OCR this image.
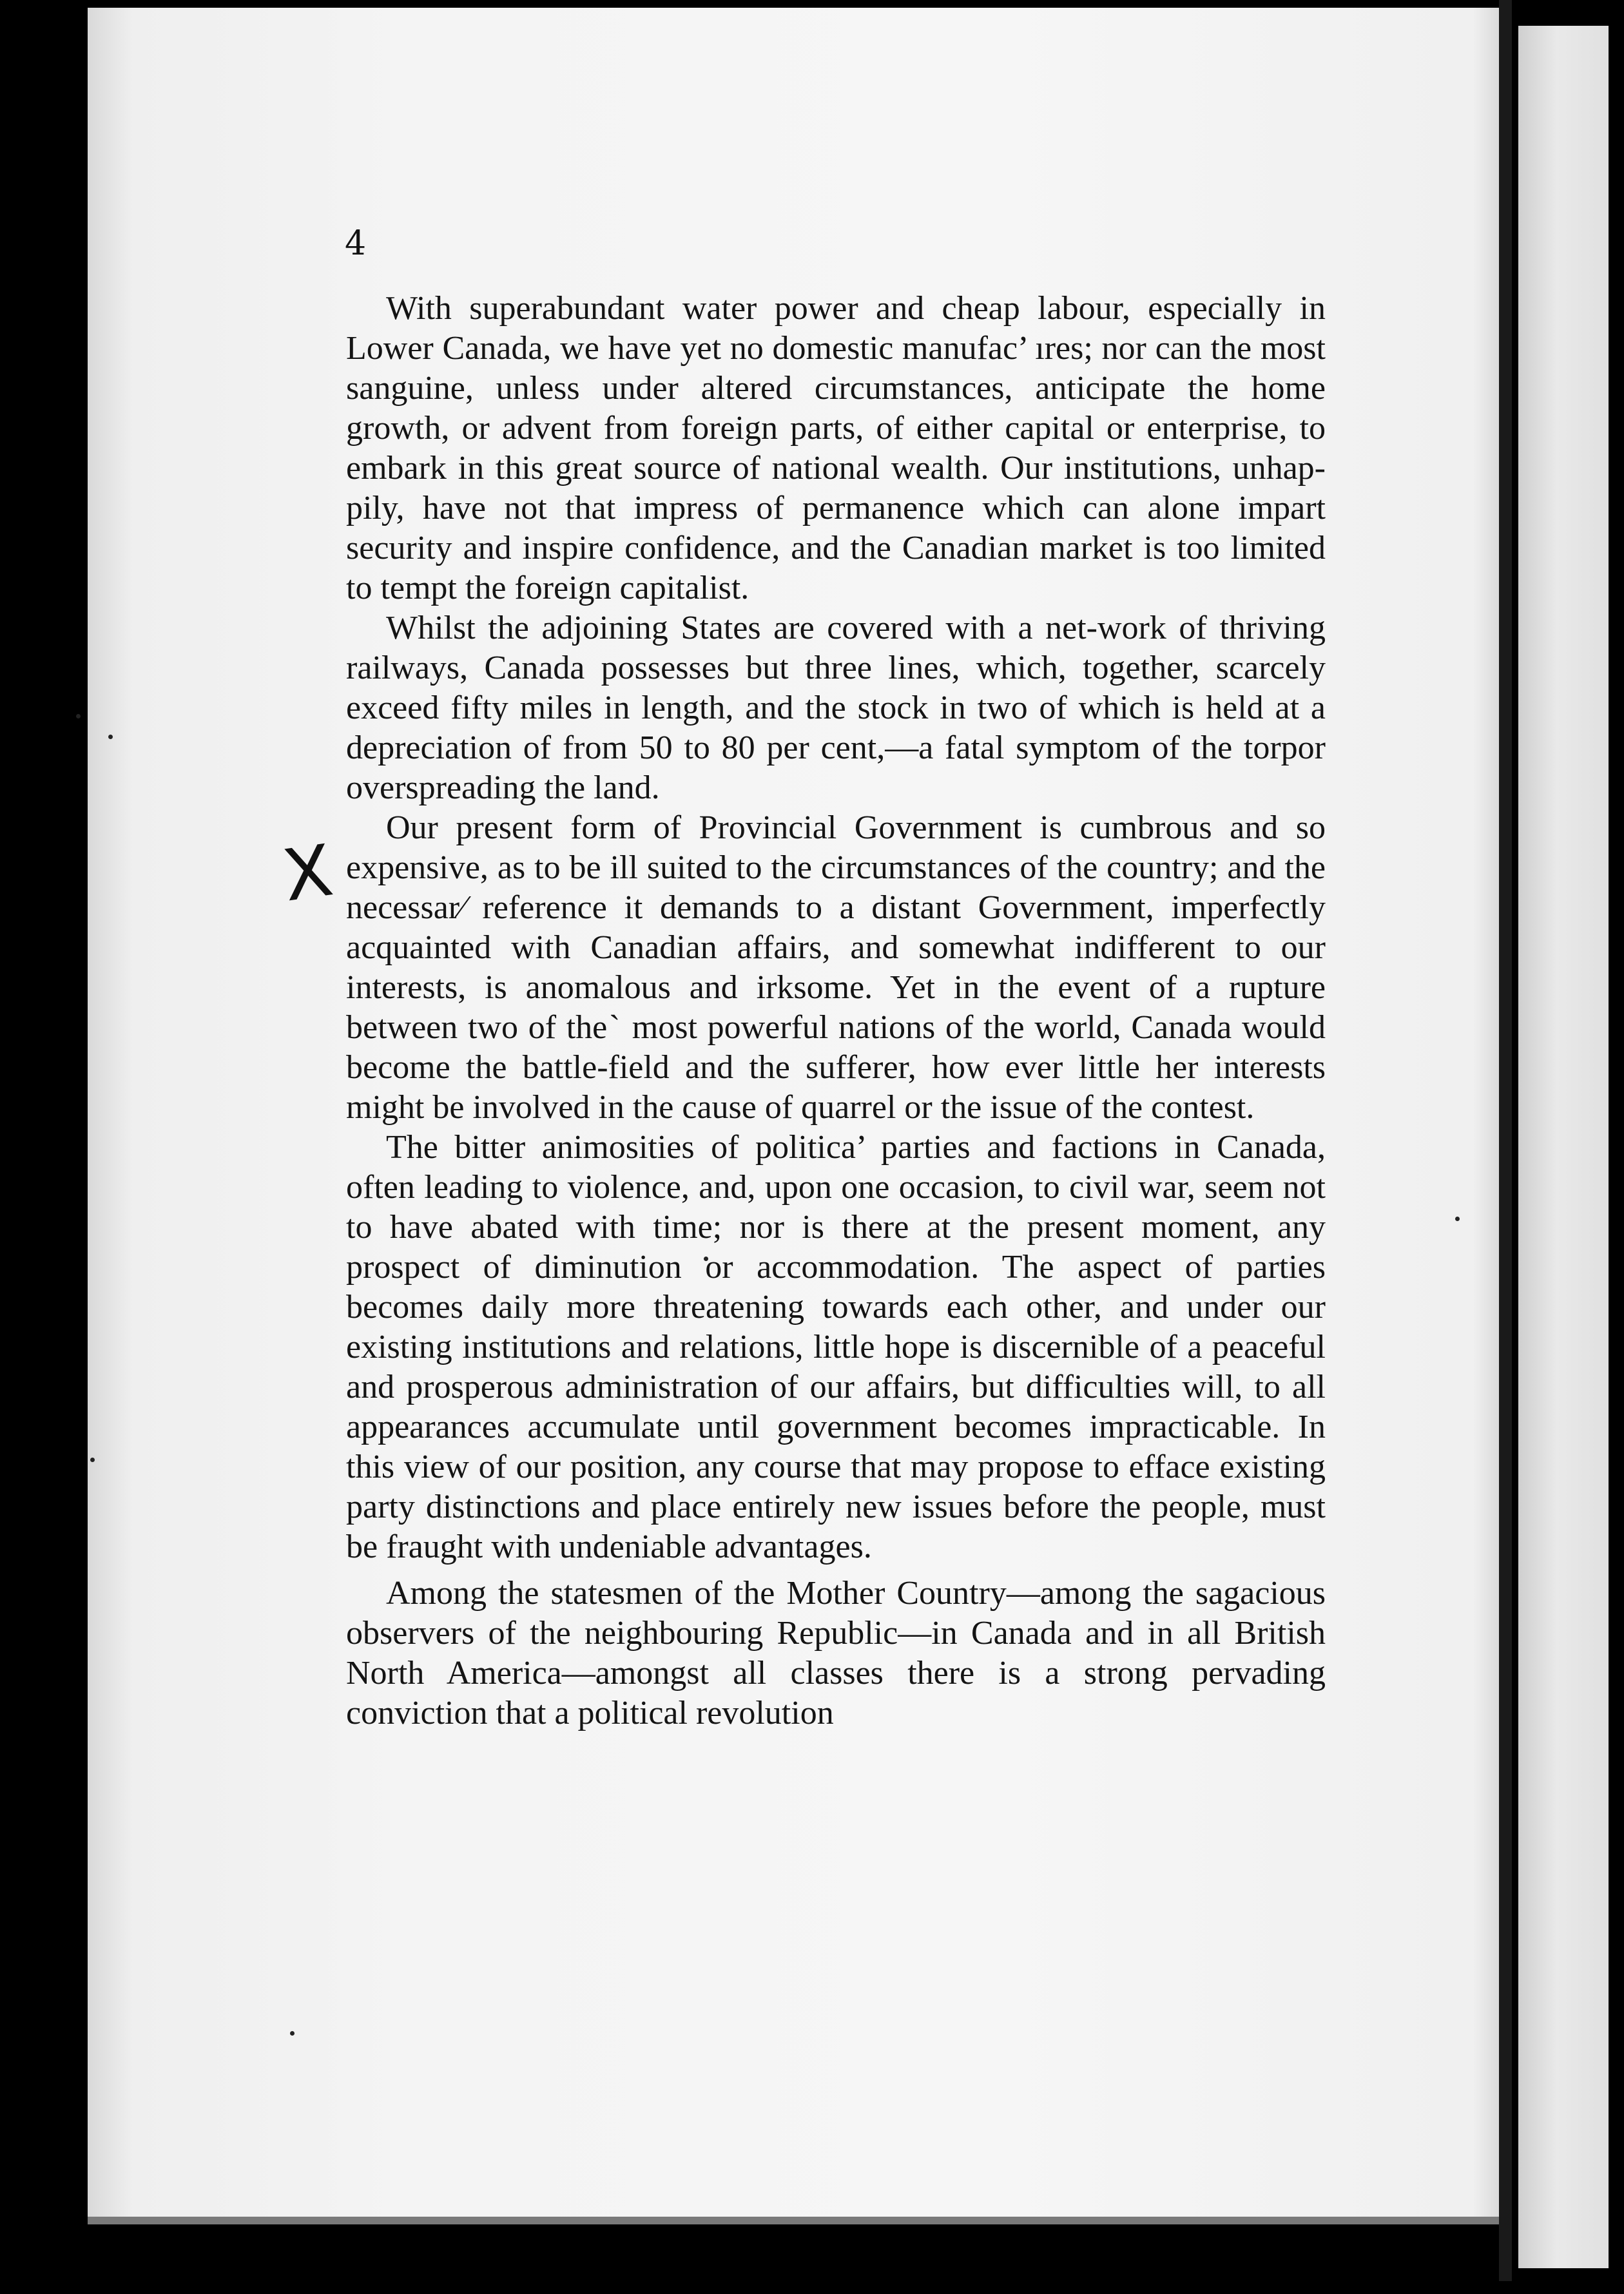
4
X

With superabundant water power and cheap labour, especially in Lower Canada, we have yet no domestic manufac’ ıres; nor can the most sanguine, unless under altered circumstances, anticipate the home growth, or advent from foreign parts, of either capital or enterprise, to embark in this great source of national wealth. Our institutions, unhappily, have not that impress of permanence which can alone impart security and inspire confidence, and the Canadian market is too limited to tempt the foreign capitalist.

Whilst the adjoining States are covered with a net-work of thriving railways, Canada possesses but three lines, which, together, scarcely exceed fifty miles in length, and the stock in two of which is held at a depreciation of from 50 to 80 per cent,—a fatal symptom of the torpor overspreading the land.

Our present form of Provincial Government is cumbrous and so expensive, as to be ill suited to the circumstances of the country; and the necessar⁄ reference it demands to a distant Government, imperfectly acquainted with Canadian affairs, and somewhat indifferent to our interests, is anomalous and irksome. Yet in the event of a rupture between two of theˋ most powerful nations of the world, Canada would become the battle-field and the sufferer, how ever little her interests might be involved in the cause of quarrel or the issue of the contest.

The bitter animosities of politica’ parties and factions in Canada, often leading to violence, and, upon one occasion, to civil war, seem not to have abated with time; nor is there at the present moment, any prospect of diminution or accommodation. The aspect of parties becomes daily more threatening towards each other, and under our existing institutions and relations, little hope is discernible of a peaceful and prosperous administration of our affairs, but difficulties will, to all appearances accumulate until government becomes impracticable. In this view of our position, any course that may propose to efface existing party distinctions and place entirely new issues before the people, must be fraught with undeniable advantages.

Among the statesmen of the Mother Country—among the sagacious observers of the neighbouring Republic—in Canada and in all British North America—amongst all classes there is a strong pervading conviction that a political revolution
